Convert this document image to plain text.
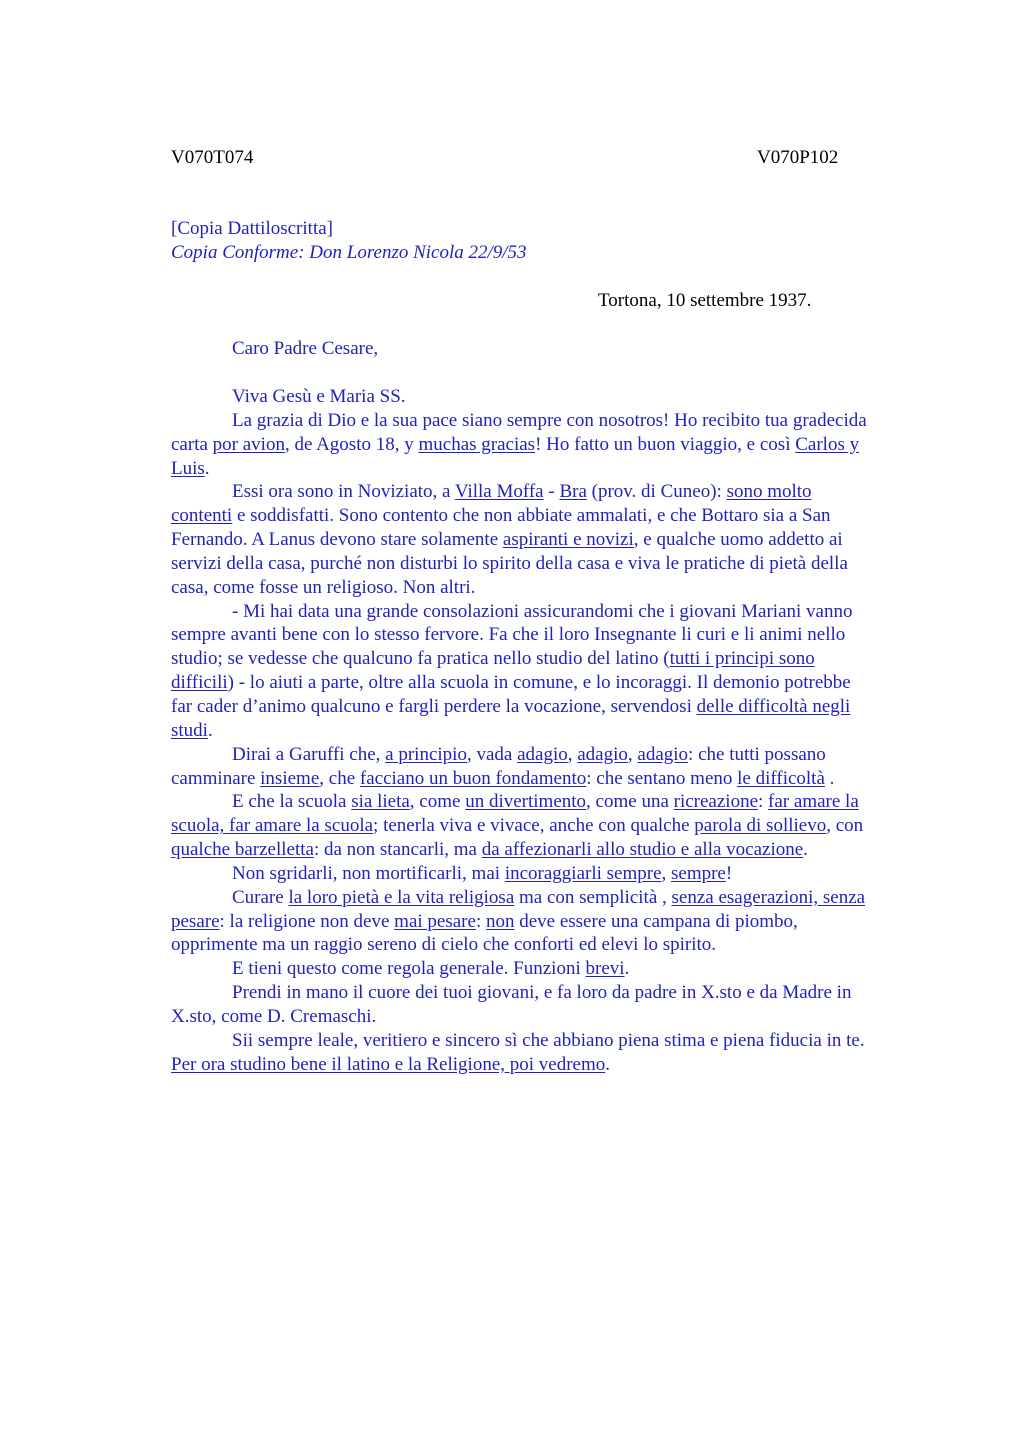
V070T074	V070P102
[Copia Dattiloscritta]
Copia Conforme: Don Lorenzo Nicola 22/9/53
Tortona, 10 settembre 1937.
Caro Padre Cesare,

Viva Gesù e Maria SS.

La grazia di Dio e la sua pace siano sempre con nosotros! Ho recibito tua gradecida
carta por avion, de Agosto 18, y muchas gracias! Ho fatto un buon viaggio, e così Carlos y
Luis.

Essi ora sono in Noviziato, a Villa Moffa - Bra (prov. di Cuneo): sono molto
contenti e soddisfatti. Sono contento che non abbiate ammalati, e che Bottaro sia a San
Fernando. A Lanus devono stare solamente aspiranti e novizi, e qualche uomo addetto ai
servizi della casa, purché non disturbi lo spirito della casa e viva le pratiche di pietà della
casa, come fosse un religioso. Non altri.

- Mi hai data una grande consolazioni assicurandomi che i giovani Mariani vanno
sempre avanti bene con lo stesso fervore. Fa che il loro Insegnante li curi e li animi nello
studio; se vedesse che qualcuno fa pratica nello studio del latino (tutti i principi sono
difficili) - lo aiuti a parte, oltre alla scuola in comune, e lo incoraggi. Il demonio potrebbe
far cader d’animo qualcuno e fargli perdere la vocazione, servendosi delle difficoltà negli
studi.

Dirai a Garuffi che, a principio, vada adagio, adagio, adagio: che tutti possano
camminare insieme, che facciano un buon fondamento: che sentano meno le difficoltà .

E che la scuola sia lieta, come un divertimento, come una ricreazione: far amare la
scuola, far amare la scuola; tenerla viva e vivace, anche con qualche parola di sollievo, con
qualche barzelletta: da non stancarli, ma da affezionarli allo studio e alla vocazione.

Non sgridarli, non mortificarli, mai incoraggiarli sempre, sempre!

Curare la loro pietà e la vita religiosa ma con semplicità , senza esagerazioni, senza
pesare: la religione non deve mai pesare: non deve essere una campana di piombo,
opprimente ma un raggio sereno di cielo che conforti ed elevi lo spirito.

E tieni questo come regola generale. Funzioni brevi.

Prendi in mano il cuore dei tuoi giovani, e fa loro da padre in X.sto e da Madre in
X.sto, come D. Cremaschi.

Sii sempre leale, veritiero e sincero sì che abbiano piena stima e piena fiducia in te.
Per ora studino bene il latino e la Religione, poi vedremo.
